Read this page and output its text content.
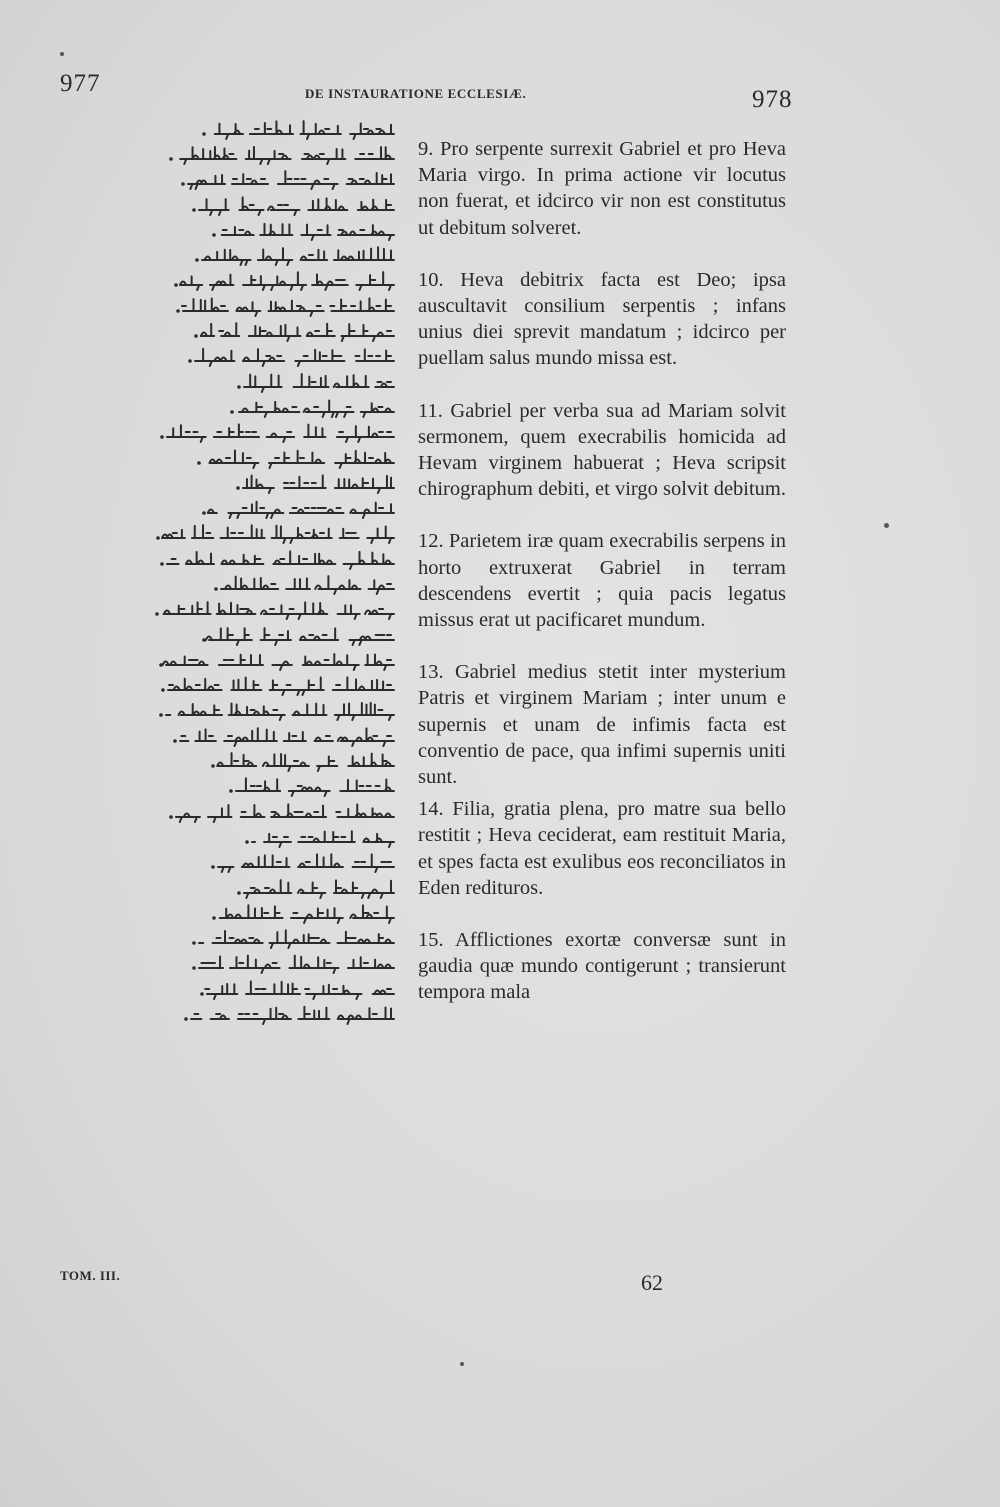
977	DE INSTAURATIONE ECCLESIÆ.	978

9. Pro serpente surrexit Gabriel et pro Heva Maria virgo. In prima actione vir locutus non fuerat, et idcirco vir non est constitutus ut debitum solveret.

10. Heva debitrix facta est Deo; ipsa auscultavit consilium serpentis ; infans unius diei sprevit mandatum ; idcirco per puellam salus mundo missa est.

11. Gabriel per verba sua ad Mariam solvit sermonem, quem execrabilis homicida ad Hevam virginem habuerat ; Heva scripsit chirographum debiti, et virgo solvit debitum.

12. Parietem iræ quam execrabilis serpens in horto extruxerat Gabriel in terram descendens evertit ; quia pacis legatus missus erat ut pacificaret mundum.

13. Gabriel medius stetit inter mysterium Patris et virginem Mariam ; inter unum e supernis et unam de infimis facta est conventio de pace, qua infimi supernis uniti sunt.

14. Filia, gratia plena, pro matre sua bello restitit ; Heva ceciderat, eam restituit Maria, et spes facta est exulibus eos reconciliatos in Eden redituros.

15. Afflictiones exortæ conversæ sunt in gaudia quæ mundo contigerunt ; transierunt tempora mala

TOM. III.	62
